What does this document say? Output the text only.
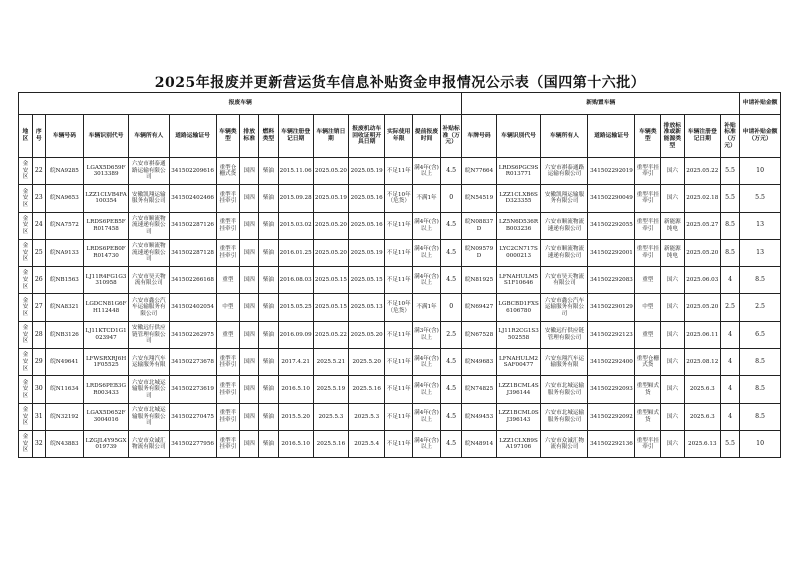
2025年报废并更新营运货车信息补贴资金申报情况公示表（国四第十六批）
报废车辆															新购置车辆								申请补贴金额
地区	序号	车辆号码	车辆识别代号	车辆所有人	道路运输证号	车辆类型	排放标准	燃料类型	车辆注册登记日期	车辆注销日期	报废机动车回收证明开具日期	实际使用年限	提前报废时间	补贴标准（万元）	车牌号码	车辆识别代号	车辆所有人	道路运输证号	车辆类型	排放标准或新能源类型	车辆注册登记日期	补贴标准（万元）	申请补贴金额（万元）
金安区	22	皖NA9285	LGAX5D659F3013389	六安市祺泰通路运输有限公司	341502209616	重型仓栅式货	国四	柴油	2015.11.06	2025.05.20	2025.05.19	不足11年	满4年(含)以上	4.5	皖N77664	LRDS6PGC9SR013771	六安市祺泰通路运输有限公司	341502292019	重型半挂牵引	国六	2025.05.22	5.5	10
金安区	23	皖NA9653	LZZ1CLVB4FA100354	安徽凯翔运输服务有限公司	341502402466	重型半挂牵引	国四	柴油	2015.09.28	2025.05.19	2025.05.16	不足10年（危货）	不满1年	0	皖N54519	LZZ1CLXB6SD323355	安徽凯翔运输服务有限公司	341502290049	重型半挂牵引	国六	2025.02.18	5.5	5.5
金安区	24	皖NA7572	LRDS6PEB5FR017458	六安市顺流物流速递有限公司	341502287126	重型半挂牵引	国四	柴油	2015.03.02	2025.05.20	2025.05.16	不足11年	满4年(含)以上	4.5	皖N08837D	LZ5N6D536RB003236	六安市顺流物流速递有限公司	341502292055	重型半挂牵引	新能源纯电	2025.05.27	8.5	13
金安区	25	皖NA9133	LRDS6PEB0FR014730	六安市顺流物流速递有限公司	341502287128	重型半挂牵引	国四	柴油	2016.01.25	2025.05.20	2025.05.19	不足11年	满4年(含)以上	4.5	皖N09579D	LYC2CN717S0000213	六安市顺流物流速递有限公司	341502292001	重型半挂牵引	新能源纯电	2025.05.20	8.5	13
金安区	26	皖NB1563	LJ11R4FG1G3310958	六安市昊天物流有限公司	341502266168	重型	国四	柴油	2016.08.03	2025.05.15	2025.05.15	不足11年	满4年(含)以上	4.5	皖N81925	LFNAHULM5S1F10646	六安市昊天物流有限公司	341502292083	重型	国六	2025.06.03	4	8.5
金安区	27	皖NA8321	LGDCN81G6FH112448	六安市鑫公汽车运输服务有限公司	341502402054	中型	国四	柴油	2015.05.25	2025.05.15	2025.05.13	不足10年（危货）	不满1年	0	皖N69427	LGBCBD1FXS6106780	六安市鑫公汽车运输服务有限公司	341502290129	中型	国六	2025.05.20	2.5	2.5
金安区	28	皖NB3126	LJ11KTCD1G1023947	安徽远行供应链管理有限公司	341502262975	重型	国四	柴油	2016.09.09	2025.05.22	2025.05.20	不足11年	满3年(含)以上	2.5	皖N67528	LJ11R2CG1S3502558	安徽远行供应链管理有限公司	341502292123	重型	国六	2025.06.11	4	6.5
金安区	29	皖N49641	LFWSRXRJ6H1F05525	六安东翔汽车运输服务有限	341502273678	重型半挂牵引	国四	柴油	2017.4.21	2025.5.21	2025.5.20	不足11年	满4年(含)以上	4.5	皖N49683	LFNAHULM2SAF00477	六安东翔汽车运输服务有限	341502292400	重型仓栅式货	国六	2025.08.12	4	8.5
金安区	30	皖N11634	LRDS6PEB3GR003433	六安市北城运输服务有限公司	341502273619	重型半挂牵引	国四	柴油	2016.5.10	2025.5.19	2025.5.16	不足11年	满4年(含)以上	4.5	皖N74825	LZZ1BCML4SJ396144	六安市北城运输服务有限公司	341502292093	重型厢式货	国六	2025.6.3	4	8.5
金安区	31	皖N32192	LGAX5D652F3004016	六安市北城运输服务有限公司	341502270475	重型半挂牵引	国四	柴油	2015.5.20	2025.5.3	2025.5.3	不足11年	满4年(含)以上	4.5	皖N49453	LZZ1BCML0SJ396143	六安市北城运输服务有限公司	341502292092	重型厢式货	国六	2025.6.3	4	8.5
金安区	32	皖N43883	LZGJL4Y95GX019739	六安市众诚汇物流有限公司	341502277956	重型半挂牵引	国四	柴油	2016.5.10	2025.5.16	2025.5.4	不足11年	满4年(含)以上	4.5	皖N48914	LZZ1CLXB9SA197106	六安市众诚汇物流有限公司	341502292136	重型半挂牵引	国六	2025.6.13	5.5	10
